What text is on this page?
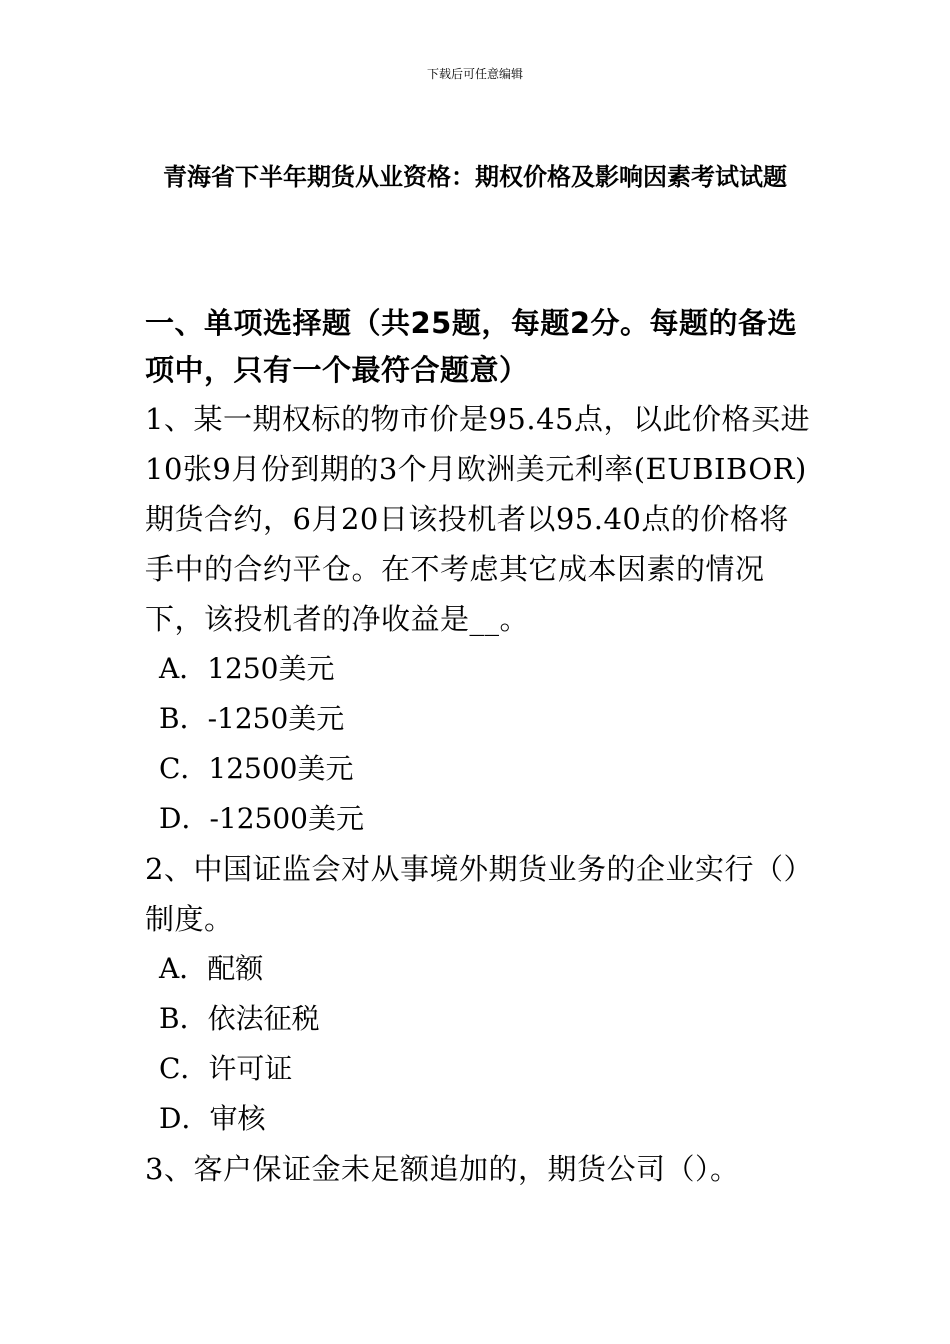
下载后可任意编辑
青海省下半年期货从业资格：期权价格及影响因素考试试题
一、单项选择题（共25题，每题2分。每题的备选项中，只有一个最符合题意）

1、某一期权标的物市价是95.45点，以此价格买进10张9月份到期的3个月欧洲美元利率(EUBIBOR)期货合约，6月20日该投机者以95.40点的价格将手中的合约平仓。在不考虑其它成本因素的情况下，该投机者的净收益是__。

A．1250美元

B．-1250美元

C．12500美元

D．-12500美元

2、中国证监会对从事境外期货业务的企业实行（）制度。

A．配额

B．依法征税

C．许可证

D．审核

3、客户保证金未足额追加的，期货公司（）。
